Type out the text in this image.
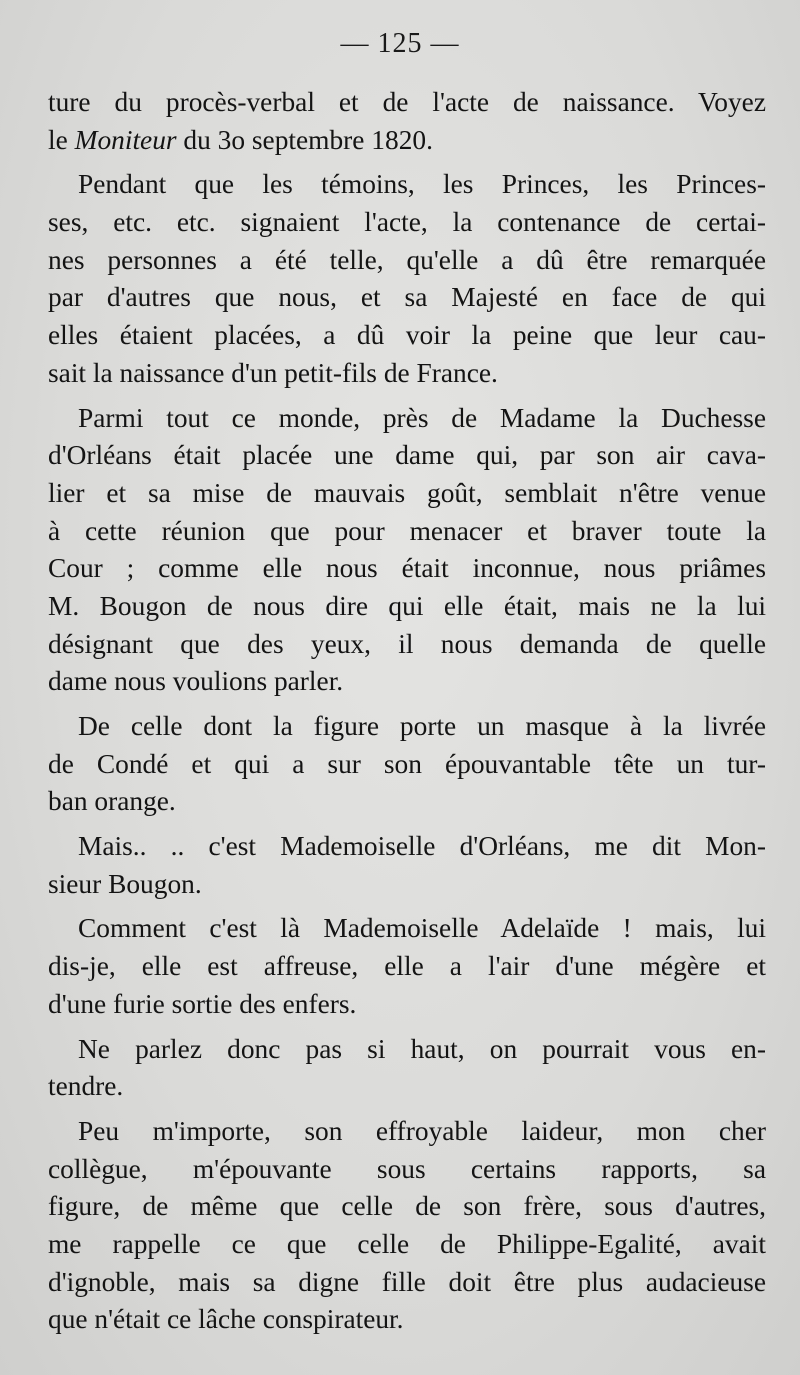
— 125 —
ture du procès-verbal et de l'acte de naissance. Voyez
le Moniteur du 3o septembre 1820.
Pendant que les témoins, les Princes, les Princes-
ses, etc. etc. signaient l'acte, la contenance de certai-
nes personnes a été telle, qu'elle a dû être remarquée
par d'autres que nous, et sa Majesté en face de qui
elles étaient placées, a dû voir la peine que leur cau-
sait la naissance d'un petit-fils de France.
Parmi tout ce monde, près de Madame la Duchesse
d'Orléans était placée une dame qui, par son air cava-
lier et sa mise de mauvais goût, semblait n'être venue
à cette réunion que pour menacer et braver toute la
Cour ; comme elle nous était inconnue, nous priâmes
M. Bougon de nous dire qui elle était, mais ne la lui
désignant que des yeux, il nous demanda de quelle
dame nous voulions parler.
De celle dont la figure porte un masque à la livrée
de Condé et qui a sur son épouvantable tête un tur-
ban orange.
Mais.. .. c'est Mademoiselle d'Orléans, me dit Mon-
sieur Bougon.
Comment c'est là Mademoiselle Adelaïde ! mais, lui
dis-je, elle est affreuse, elle a l'air d'une mégère et
d'une furie sortie des enfers.
Ne parlez donc pas si haut, on pourrait vous en-
tendre.
Peu m'importe, son effroyable laideur, mon cher
collègue, m'épouvante sous certains rapports, sa
figure, de même que celle de son frère, sous d'autres,
me rappelle ce que celle de Philippe-Egalité, avait
d'ignoble, mais sa digne fille doit être plus audacieuse
que n'était ce lâche conspirateur.
